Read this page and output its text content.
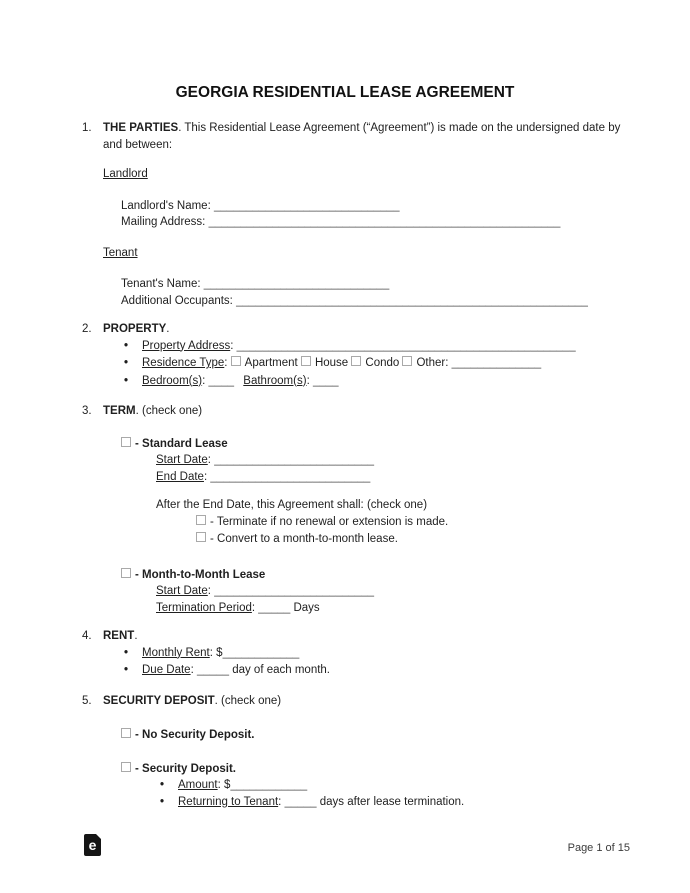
GEORGIA RESIDENTIAL LEASE AGREEMENT
1. THE PARTIES. This Residential Lease Agreement (“Agreement”) is made on the undersigned date by and between:
Landlord
Landlord's Name: _____________________________
Mailing Address: _______________________________________________________
Tenant
Tenant's Name: _____________________________
Additional Occupants: _______________________________________________________
2. PROPERTY.
•
Property Address: _____________________________________________________
•
Residence Type: Apartment House Condo Other: ______________
•
Bedroom(s): ____ Bathroom(s): ____
3. TERM. (check one)
- Standard Lease
Start Date: _________________________
End Date: _________________________
After the End Date, this Agreement shall: (check one)
- Terminate if no renewal or extension is made.
- Convert to a month-to-month lease.
- Month-to-Month Lease
Start Date: _________________________
Termination Period: _____ Days
4. RENT.
•
Monthly Rent: $____________
•
Due Date: _____ day of each month.
5. SECURITY DEPOSIT. (check one)
- No Security Deposit.
- Security Deposit.
•
Amount: $____________
•
Returning to Tenant: _____ days after lease termination.
e	Page 1 of 15
